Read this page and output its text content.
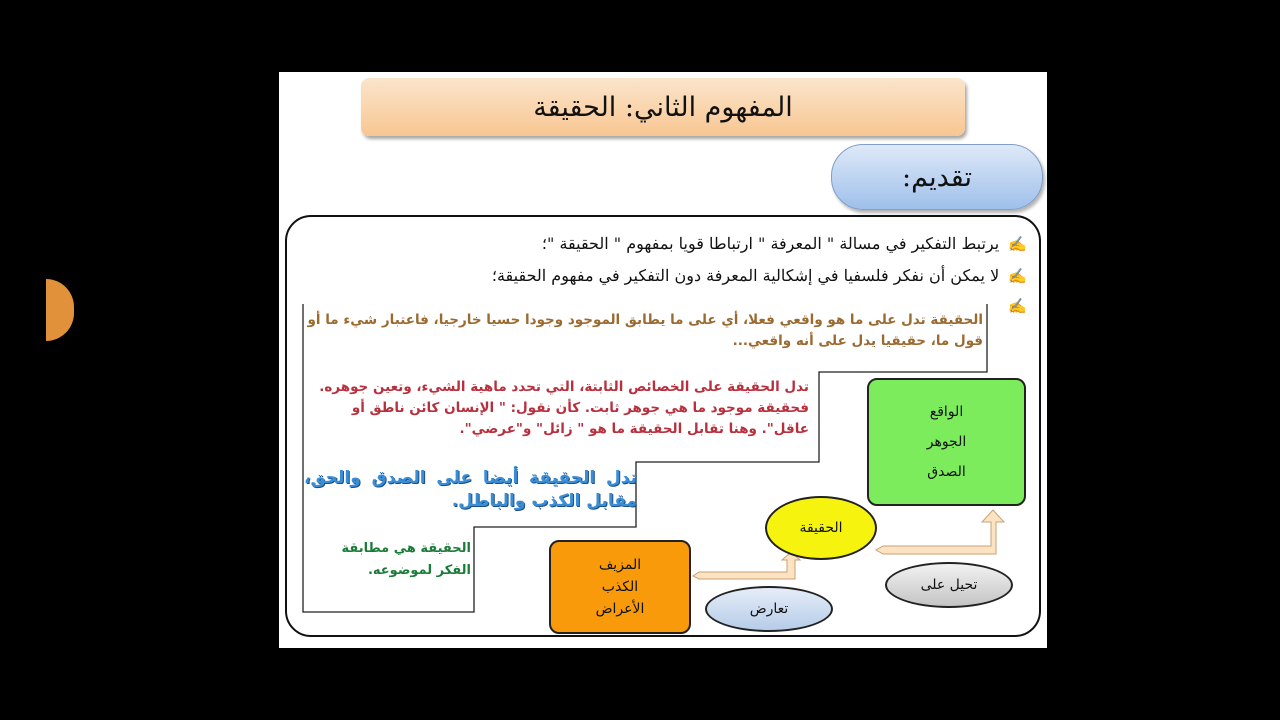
المفهوم الثاني: الحقيقة
تقديم:
✍ يرتبط التفكير في مسالة " المعرفة " ارتباطا قويا بمفهوم " الحقيقة "؛
✍ لا يمكن أن نفكر فلسفيا في إشكالية المعرفة دون التفكير في مفهوم الحقيقة؛
✍
الحقيقة تدل على ما هو واقعي فعلا، أي على ما يطابق الموجود وجودا حسيا خارجيا، فاعتبار شيء ما أو قول ما، حقيقيا يدل على أنه واقعي...
تدل الحقيقة على الخصائص الثابتة، التي تحدد ماهية الشيء، وتعين جوهره. فحقيقة موجود ما هي جوهر ثابت. كأن نقول: " الإنسان كائن ناطق أو عاقل". وهنا تقابل الحقيقة ما هو " زائل" و"عرضي".
تدل الحقيقة أيضا على الصدق والحق، مقابل الكذب والباطل.
الحقيقة هي مطابقة الفكر لموضوعه.
الواقع
الجوهر
الصدق
الحقيقة
المزيف
الكذب
الأعراض
تحيل على
تعارض
